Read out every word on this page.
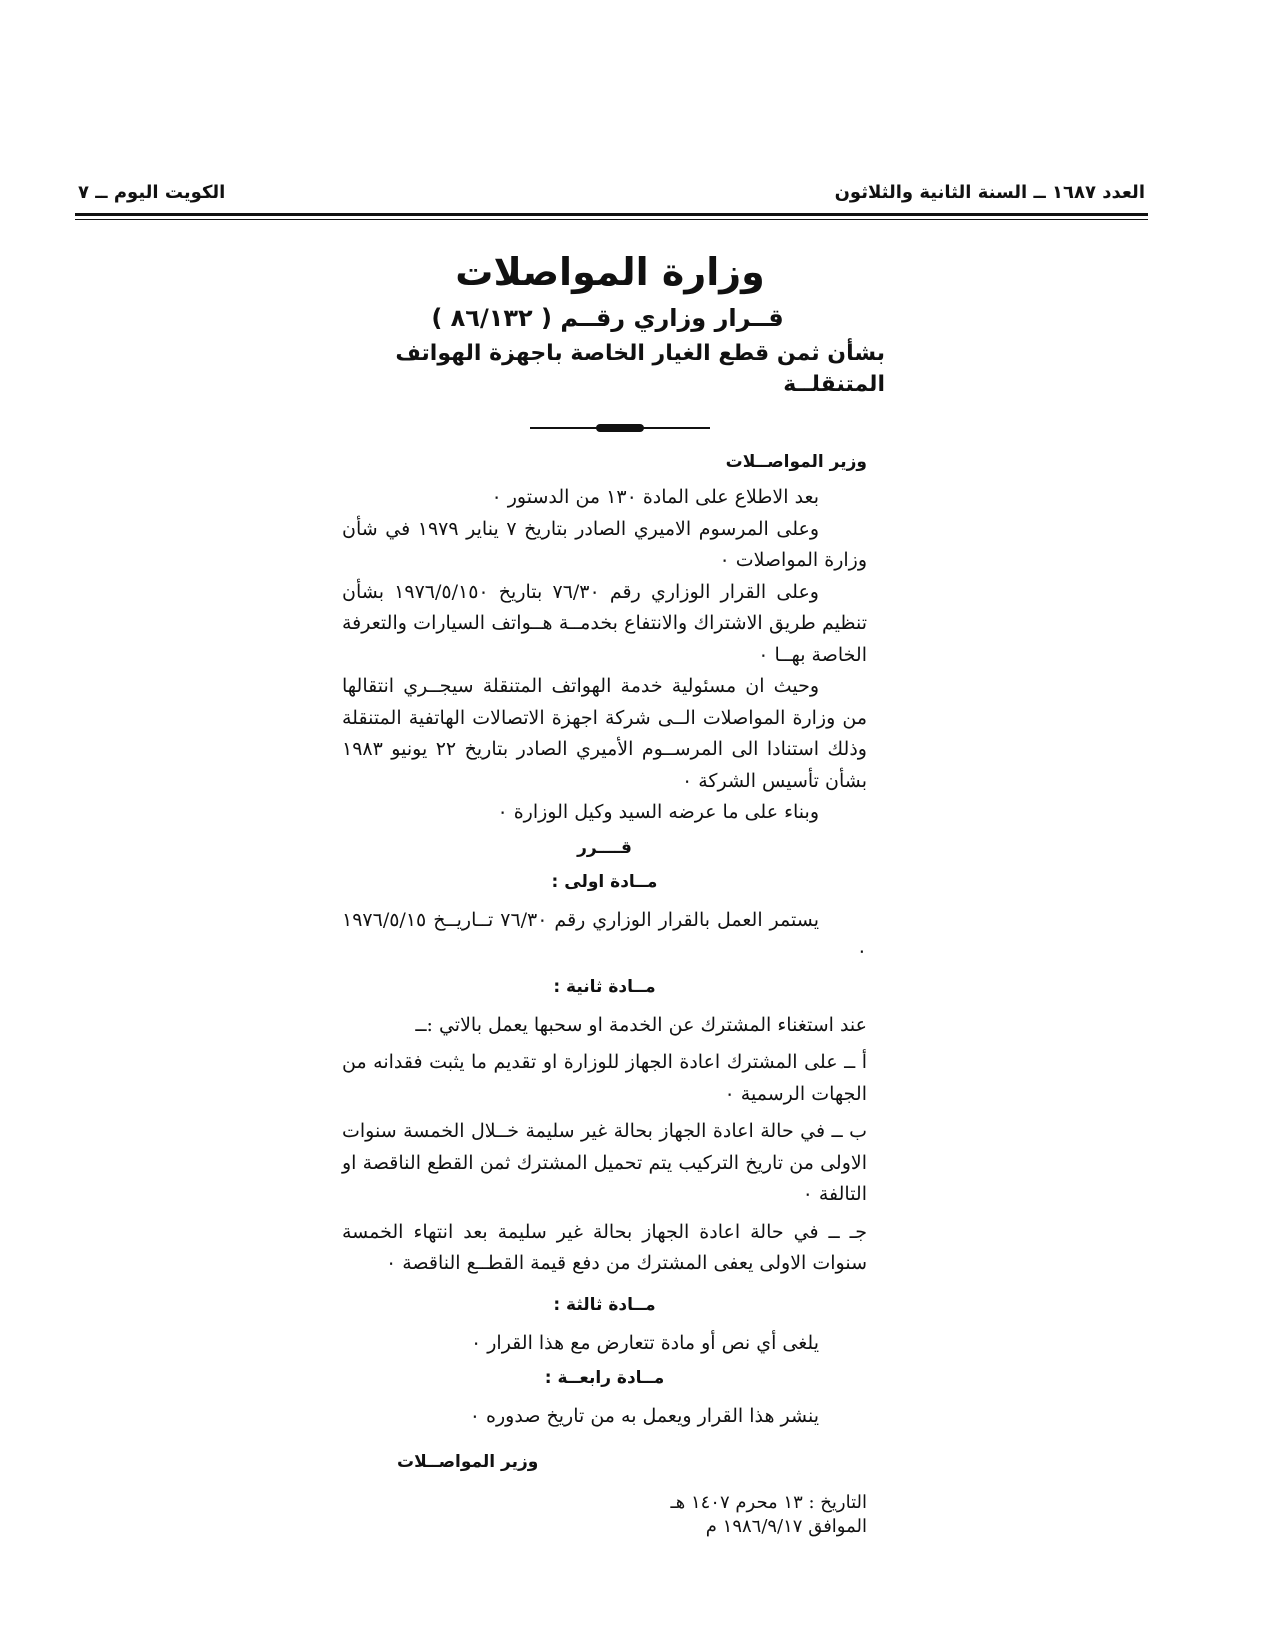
العدد ١٦٨٧ ــ السنة الثانية والثلاثون
الكويت اليوم ــ ٧
وزارة المواصلات
قــرار وزاري رقــم ( ٨٦/١٣٢ )
بشأن ثمن قطع الغيار الخاصة باجهزة الهواتف المتنقلــة
وزير المواصــلات

بعد الاطلاع على المادة ١٣٠ من الدستور ٠

وعلى المرسوم الاميري الصادر بتاريخ ٧ يناير ١٩٧٩ في شأن وزارة المواصلات ٠

وعلى القرار الوزاري رقم ٧٦/٣٠ بتاريخ ١٩٧٦/٥/١٥٠ بشأن تنظيم طريق الاشتراك والانتفاع بخدمــة هــواتف السيارات والتعرفة الخاصة بهــا ٠

وحيث ان مسئولية خدمة الهواتف المتنقلة سيجــري انتقالها من وزارة المواصلات الــى شركة اجهزة الاتصالات الهاتفية المتنقلة وذلك استنادا الى المرســوم الأميري الصادر بتاريخ ٢٢ يونيو ١٩٨٣ بشأن تأسيس الشركة ٠

وبناء على ما عرضه السيد وكيل الوزارة ٠

قــــرر
مــادة اولى :

يستمر العمل بالقرار الوزاري رقم ٧٦/٣٠ تــاريــخ ١٩٧٦/٥/١٥ ٠

مــادة ثانية :

عند استغناء المشترك عن الخدمة او سحبها يعمل بالاتي :ــ

أ ــ على المشترك اعادة الجهاز للوزارة او تقديم ما يثبت فقدانه من الجهات الرسمية ٠

ب ــ في حالة اعادة الجهاز بحالة غير سليمة خــلال الخمسة سنوات الاولى من تاريخ التركيب يتم تحميل المشترك ثمن القطع الناقصة او التالفة ٠

جـ ــ في حالة اعادة الجهاز بحالة غير سليمة بعد انتهاء الخمسة سنوات الاولى يعفى المشترك من دفع قيمة القطــع الناقصة ٠

مــادة ثالثة :

يلغى أي نص أو مادة تتعارض مع هذا القرار ٠

مــادة رابعــة :

ينشر هذا القرار ويعمل به من تاريخ صدوره ٠

وزير المواصــلات
التاريخ : ١٣ محرم ١٤٠٧ هـ
الموافق ١٩٨٦/٩/١٧ م
